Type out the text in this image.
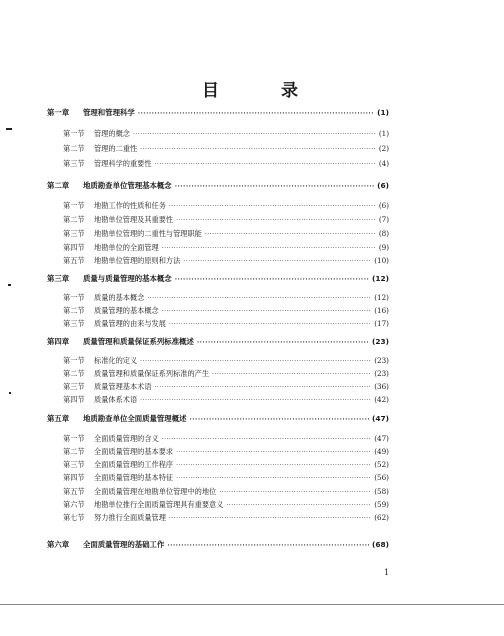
目 录
第一章	管理和管理科学 ·····	(1)
第一节	管理的概念 ·····	(1)
第二节	管理的二重性 ·····	(2)
第三节	管理科学的重要性 ·····	(4)
第二章	地质勘查单位管理基本概念 ·····	(6)
第一节	地勘工作的性质和任务 ·····	(6)
第二节	地勘单位管理及其重要性 ·····	(7)
第三节	地勘单位管理的二重性与管理职能 ·····	(8)
第四节	地勘单位的全面管理 ·····	(9)
第五节	地勘单位管理的原则和方法 ·····	(10)
第三章	质量与质量管理的基本概念 ·····	(12)
第一节	质量的基本概念 ·····	(12)
第二节	质量管理的基本概念 ·····	(16)
第三节	质量管理的由来与发展 ·····	(17)
第四章	质量管理和质量保证系列标准概述 ·····	(23)
第一节	标准化的定义 ·····	(23)
第二节	质量管理和质量保证系列标准的产生 ·····	(23)
第三节	质量管理基本术语 ·····	(36)
第四节	质量体系术语 ·····	(42)
第五章	地质勘查单位全面质量管理概述 ·····	(47)
第一节	全面质量管理的含义 ·····	(47)
第二节	全面质量管理的基本要求 ·····	(49)
第三节	全面质量管理的工作程序 ·····	(52)
第四节	全面质量管理的基本特征 ·····	(56)
第五节	全面质量管理在地勘单位管理中的地位 ·····	(58)
第六节	地勘单位推行全面质量管理具有重要意义 ·····	(59)
第七节	努力推行全面质量管理 ·····	(62)
第六章	全面质量管理的基础工作 ·····	(68)
1
